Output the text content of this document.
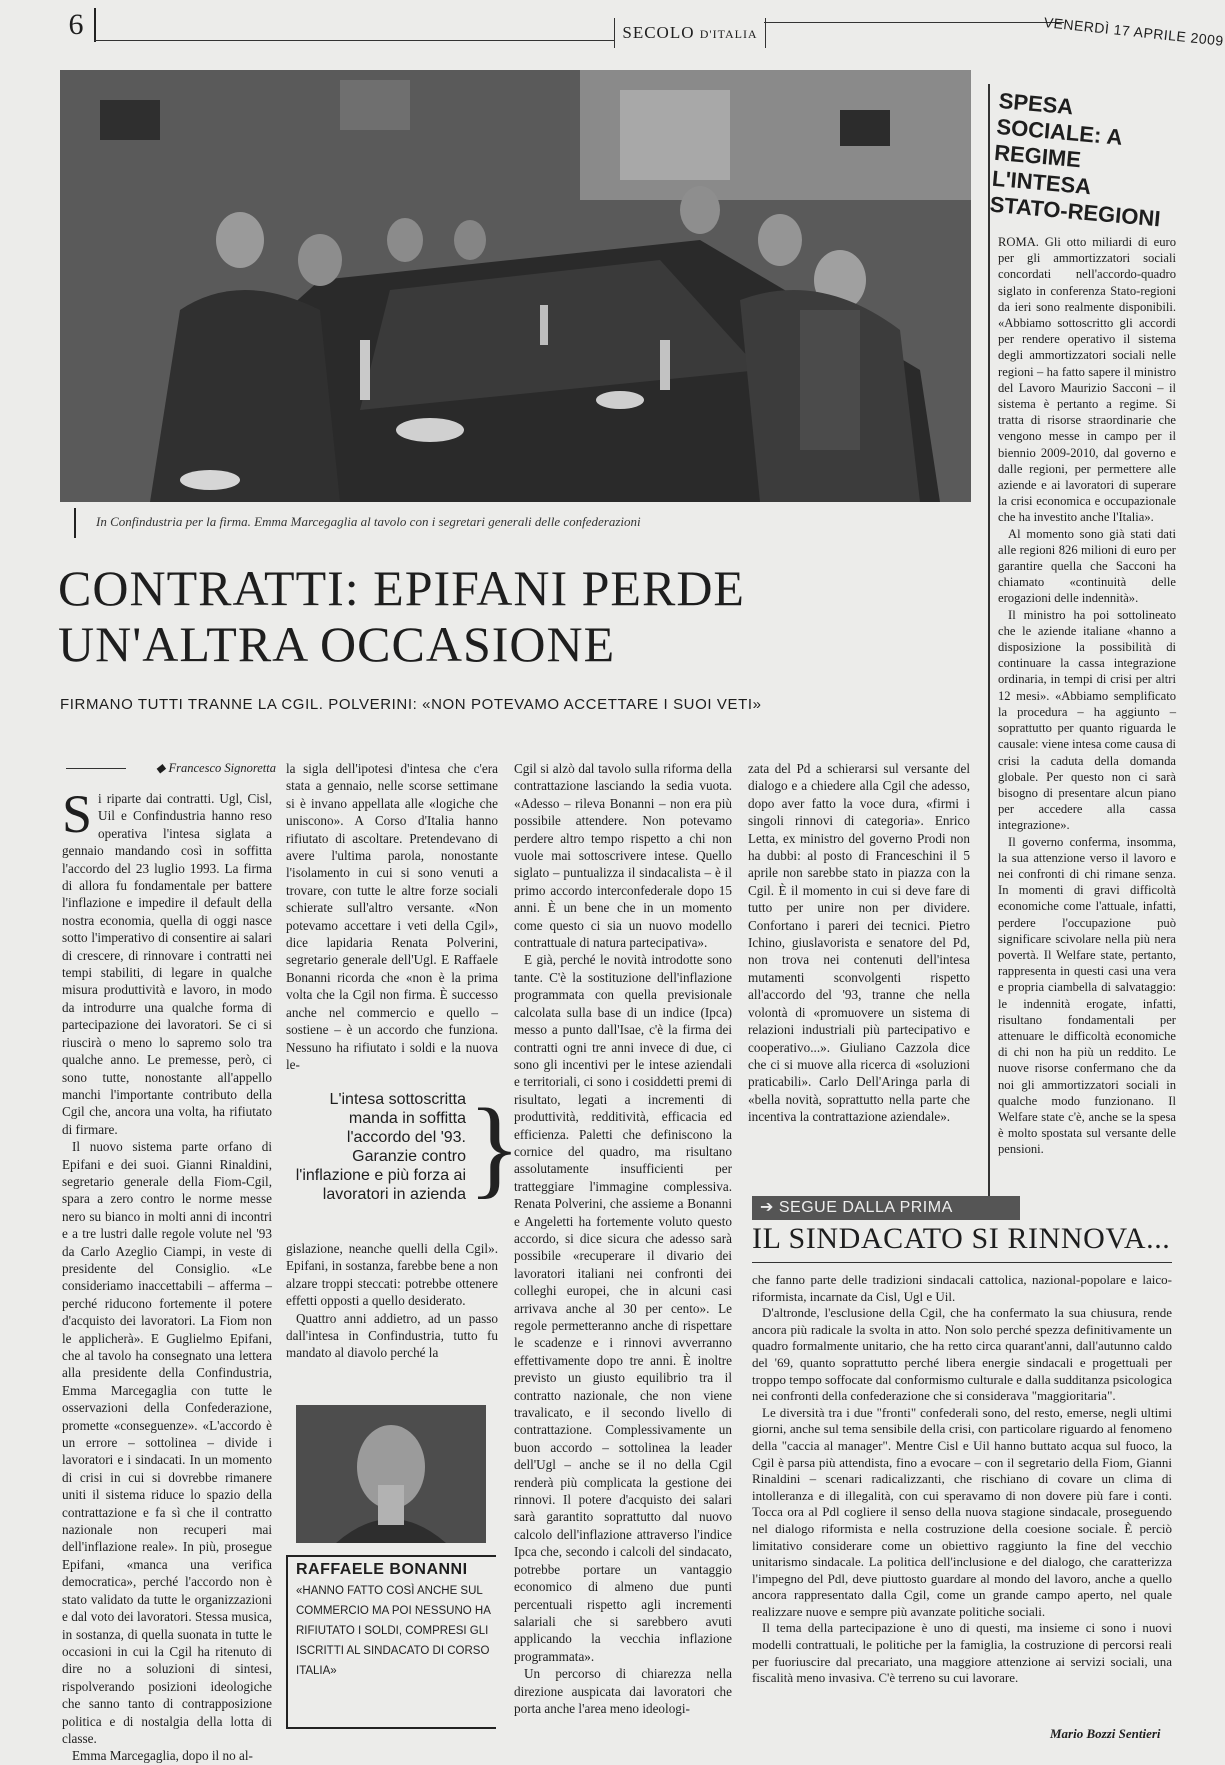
6	SECOLO D'ITALIA	VENERDÌ 17 APRILE 2009
In Confindustria per la firma. Emma Marcegaglia al tavolo con i segretari generali delle confederazioni
CONTRATTI: EPIFANI PERDE
UN'ALTRA OCCASIONE
FIRMANO TUTTI TRANNE LA CGIL. POLVERINI: «NON POTEVAMO ACCETTARE I SUOI VETI»
◆ Francesco Signoretta

Si riparte dai contratti. Ugl, Cisl, Uil e Confindustria hanno reso operativa l'intesa siglata a gennaio mandando così in soffitta l'accordo del 23 luglio 1993. La firma di allora fu fondamentale per battere l'inflazione e impedire il default della nostra economia, quella di oggi nasce sotto l'imperativo di consentire ai salari di crescere, di rinnovare i contratti nei tempi stabiliti, di legare in qualche misura produttività e lavoro, in modo da introdurre una qualche forma di partecipazione dei lavoratori. Se ci si riuscirà o meno lo sapremo solo tra qualche anno. Le premesse, però, ci sono tutte, nonostante all'appello manchi l'importante contributo della Cgil che, ancora una volta, ha rifiutato di firmare.

Il nuovo sistema parte orfano di Epifani e dei suoi. Gianni Rinaldini, segretario generale della Fiom-Cgil, spara a zero contro le norme messe nero su bianco in molti anni di incontri e a tre lustri dalle regole volute nel '93 da Carlo Azeglio Ciampi, in veste di presidente del Consiglio. «Le consideriamo inaccettabili – afferma – perché riducono fortemente il potere d'acquisto dei lavoratori. La Fiom non le applicherà». E Guglielmo Epifani, che al tavolo ha consegnato una lettera alla presidente della Confindustria, Emma Marcegaglia con tutte le osservazioni della Confederazione, promette «conseguenze». «L'accordo è un errore – sottolinea – divide i lavoratori e i sindacati. In un momento di crisi in cui si dovrebbe rimanere uniti il sistema riduce lo spazio della contrattazione e fa sì che il contratto nazionale non recuperi mai dell'inflazione reale». In più, prosegue Epifani, «manca una verifica democratica», perché l'accordo non è stato validato da tutte le organizzazioni e dal voto dei lavoratori. Stessa musica, in sostanza, di quella suonata in tutte le occasioni in cui la Cgil ha ritenuto di dire no a soluzioni di sintesi, rispolverando posizioni ideologiche che sanno tanto di contrapposizione politica e di nostalgia della lotta di classe.

Emma Marcegaglia, dopo il no al-

la sigla dell'ipotesi d'intesa che c'era stata a gennaio, nelle scorse settimane si è invano appellata alle «logiche che uniscono». A Corso d'Italia hanno rifiutato di ascoltare. Pretendevano di avere l'ultima parola, nonostante l'isolamento in cui si sono venuti a trovare, con tutte le altre forze sociali schierate sull'altro versante. «Non potevamo accettare i veti della Cgil», dice lapidaria Renata Polverini, segretario generale dell'Ugl. E Raffaele Bonanni ricorda che «non è la prima volta che la Cgil non firma. È successo anche nel commercio e quello – sostiene – è un accordo che funziona. Nessuno ha rifiutato i soldi e la nuova le-

L'intesa sottoscritta manda in soffitta l'accordo del '93. Garanzie contro l'inflazione e più forza ai lavoratori in azienda }

gislazione, neanche quelli della Cgil». Epifani, in sostanza, farebbe bene a non alzare troppi steccati: potrebbe ottenere effetti opposti a quello desiderato.

Quattro anni addietro, ad un passo dall'intesa in Confindustria, tutto fu mandato al diavolo perché la

RAFFAELE BONANNI
«HANNO FATTO COSÌ ANCHE SUL COMMERCIO MA POI NESSUNO HA RIFIUTATO I SOLDI, COMPRESI GLI ISCRITTI AL SINDACATO DI CORSO ITALIA»

Cgil si alzò dal tavolo sulla riforma della contrattazione lasciando la sedia vuota. «Adesso – rileva Bonanni – non era più possibile attendere. Non potevamo perdere altro tempo rispetto a chi non vuole mai sottoscrivere intese. Quello siglato – puntualizza il sindacalista – è il primo accordo interconfederale dopo 15 anni. È un bene che in un momento come questo ci sia un nuovo modello contrattuale di natura partecipativa».

E già, perché le novità introdotte sono tante. C'è la sostituzione dell'inflazione programmata con quella previsionale calcolata sulla base di un indice (Ipca) messo a punto dall'Isae, c'è la firma dei contratti ogni tre anni invece di due, ci sono gli incentivi per le intese aziendali e territoriali, ci sono i cosiddetti premi di risultato, legati a incrementi di produttività, redditività, efficacia ed efficienza. Paletti che definiscono la cornice del quadro, ma risultano assolutamente insufficienti per tratteggiare l'immagine complessiva. Renata Polverini, che assieme a Bonanni e Angeletti ha fortemente voluto questo accordo, si dice sicura che adesso sarà possibile «recuperare il divario dei lavoratori italiani nei confronti dei colleghi europei, che in alcuni casi arrivava anche al 30 per cento». Le regole permetteranno anche di rispettare le scadenze e i rinnovi avverranno effettivamente dopo tre anni. È inoltre previsto un giusto equilibrio tra il contratto nazionale, che non viene travalicato, e il secondo livello di contrattazione. Complessivamente un buon accordo – sottolinea la leader dell'Ugl – anche se il no della Cgil renderà più complicata la gestione dei rinnovi. Il potere d'acquisto dei salari sarà garantito soprattutto dal nuovo calcolo dell'inflazione attraverso l'indice Ipca che, secondo i calcoli del sindacato, potrebbe portare un vantaggio economico di almeno due punti percentuali rispetto agli incrementi salariali che si sarebbero avuti applicando la vecchia inflazione programmata».

Un percorso di chiarezza nella direzione auspicata dai lavoratori che porta anche l'area meno ideologi-

zata del Pd a schierarsi sul versante del dialogo e a chiedere alla Cgil che adesso, dopo aver fatto la voce dura, «firmi i singoli rinnovi di categoria». Enrico Letta, ex ministro del governo Prodi non ha dubbi: al posto di Franceschini il 5 aprile non sarebbe stato in piazza con la Cgil. È il momento in cui si deve fare di tutto per unire non per dividere. Confortano i pareri dei tecnici. Pietro Ichino, giuslavorista e senatore del Pd, non trova nei contenuti dell'intesa mutamenti sconvolgenti rispetto all'accordo del '93, tranne che nella volontà di «promuovere un sistema di relazioni industriali più partecipativo e cooperativo...». Giuliano Cazzola dice che ci si muove alla ricerca di «soluzioni praticabili». Carlo Dell'Aringa parla di «bella novità, soprattutto nella parte che incentiva la contrattazione aziendale».

SPESA SOCIALE: A REGIME L'INTESA STATO-REGIONI

ROMA. Gli otto miliardi di euro per gli ammortizzatori sociali concordati nell'accordo-quadro siglato in conferenza Stato-regioni da ieri sono realmente disponibili. «Abbiamo sottoscritto gli accordi per rendere operativo il sistema degli ammortizzatori sociali nelle regioni – ha fatto sapere il ministro del Lavoro Maurizio Sacconi – il sistema è pertanto a regime. Si tratta di risorse straordinarie che vengono messe in campo per il biennio 2009-2010, dal governo e dalle regioni, per permettere alle aziende e ai lavoratori di superare la crisi economica e occupazionale che ha investito anche l'Italia».

Al momento sono già stati dati alle regioni 826 milioni di euro per garantire quella che Sacconi ha chiamato «continuità delle erogazioni delle indennità».

Il ministro ha poi sottolineato che le aziende italiane «hanno a disposizione la possibilità di continuare la cassa integrazione ordinaria, in tempi di crisi per altri 12 mesi». «Abbiamo semplificato la procedura – ha aggiunto – soprattutto per quanto riguarda le causale: viene intesa come causa di crisi la caduta della domanda globale. Per questo non ci sarà bisogno di presentare alcun piano per accedere alla cassa integrazione».

Il governo conferma, insomma, la sua attenzione verso il lavoro e nei confronti di chi rimane senza. In momenti di gravi difficoltà economiche come l'attuale, infatti, perdere l'occupazione può significare scivolare nella più nera povertà. Il Welfare state, pertanto, rappresenta in questi casi una vera e propria ciambella di salvataggio: le indennità erogate, infatti, risultano fondamentali per attenuare le difficoltà economiche di chi non ha più un reddito. Le nuove risorse confermano che da noi gli ammortizzatori sociali in qualche modo funzionano. Il Welfare state c'è, anche se la spesa è molto spostata sul versante delle pensioni.

➔ SEGUE DALLA PRIMA
IL SINDACATO SI RINNOVA...

che fanno parte delle tradizioni sindacali cattolica, nazional-popolare e laico-riformista, incarnate da Cisl, Ugl e Uil.

D'altronde, l'esclusione della Cgil, che ha confermato la sua chiusura, rende ancora più radicale la svolta in atto. Non solo perché spezza definitivamente un quadro formalmente unitario, che ha retto circa quarant'anni, dall'autunno caldo del '69, quanto soprattutto perché libera energie sindacali e progettuali per troppo tempo soffocate dal conformismo culturale e dalla sudditanza psicologica nei confronti della confederazione che si considerava "maggioritaria".

Le diversità tra i due "fronti" confederali sono, del resto, emerse, negli ultimi giorni, anche sul tema sensibile della crisi, con particolare riguardo al fenomeno della "caccia al manager". Mentre Cisl e Uil hanno buttato acqua sul fuoco, la Cgil è parsa più attendista, fino a evocare – con il segretario della Fiom, Gianni Rinaldini – scenari radicalizzanti, che rischiano di covare un clima di intolleranza e di illegalità, con cui speravamo di non dovere più fare i conti. Tocca ora al Pdl cogliere il senso della nuova stagione sindacale, proseguendo nel dialogo riformista e nella costruzione della coesione sociale. È perciò limitativo considerare come un obiettivo raggiunto la fine del vecchio unitarismo sindacale. La politica dell'inclusione e del dialogo, che caratterizza l'impegno del Pdl, deve piuttosto guardare al mondo del lavoro, anche a quello ancora rappresentato dalla Cgil, come un grande campo aperto, nel quale realizzare nuove e sempre più avanzate politiche sociali.

Il tema della partecipazione è uno di questi, ma insieme ci sono i nuovi modelli contrattuali, le politiche per la famiglia, la costruzione di percorsi reali per fuoriuscire dal precariato, una maggiore attenzione ai servizi sociali, una fiscalità meno invasiva. C'è terreno su cui lavorare.

Mario Bozzi Sentieri
